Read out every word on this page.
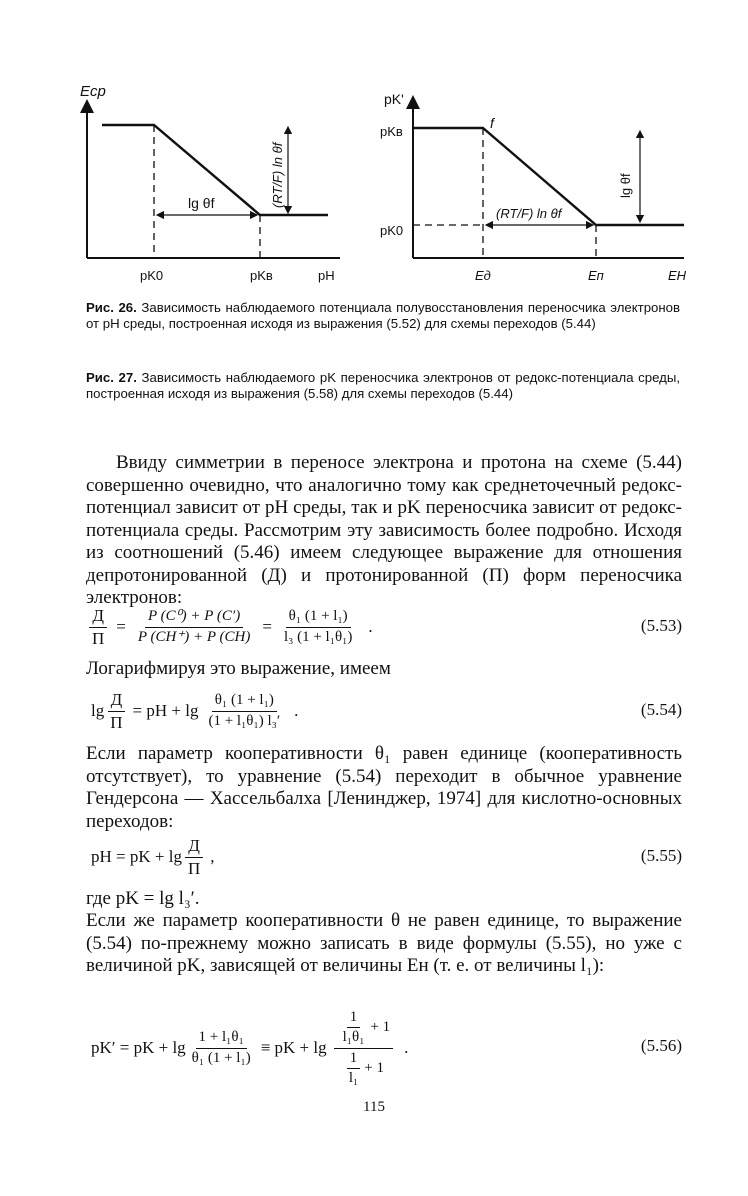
Eср
lg θf	(RT/F) ln θf
pK0	pKв	pH
pK'
pKв
pK0
f
(RT/F) ln θf
lg θf
Eд	Eп	EН
Рис. 26. Зависимость наблюдаемого потенциала полувосстановления переносчика электронов от pH среды, построенная исходя из выражения (5.52) для схемы переходов (5.44)
Рис. 27. Зависимость наблюдаемого pK переносчика электронов от редокс-потенциала среды, построенная исходя из выражения (5.58) для схемы переходов (5.44)
Ввиду симметрии в переносе электрона и протона на схеме (5.44) совершенно очевидно, что аналогично тому как среднеточечный редокс-потенциал зависит от pH среды, так и pK переносчика зависит от редокс-потенциала среды. Рассмотрим эту зависимость более подробно. Исходя из соотношений (5.46) имеем следующее выражение для отношения депротонированной (Д) и протонированной (П) форм переносчика электронов:
$\frac{Д}{П} = \frac{\text{P (C⁰) + P (C′)}}{P (CH^+) + P (CH)} = \frac{\text{θ₁ (1 + l₁)}}{\text{l₃ (1 + l₁θ₁)}}$ .	(5.53)
Логарифмируя это выражение, имеем
$\lg \frac{Д}{П}$ = pH + $\lg \frac{\text{θ₁ (1 + l₁)}}{\text{(1 + l₁θ₁) l₃′}}$ .	(5.54)
Если параметр кооперативности θ₁ равен единице (кооперативность отсутствует), то уравнение (5.54) переходит в обычное уравнение Гендерсона — Хассельбалха [Ленинджер, 1974] для кислотно-основных переходов:
pH = pK + $\lg \frac{Д}{П}$ ,	(5.55)
где pK = lg l₃′.
Если же параметр кооперативности θ не равен единице, то выражение (5.54) по-прежнему можно записать в виде формулы (5.55), но уже с величиной pK, зависящей от величины Eн (т. е. от величины l₁):
pK′ = pK + $\lg \frac{\text{1 + l₁θ₁}}{\text{θ₁ (1 + l₁)}}$ ≡ pK + $\lg \frac{\frac{1}{\text{l₁θ₁}} + 1}{\frac{1}{\text{l₁}} + 1}$ .	(5.56)
115
